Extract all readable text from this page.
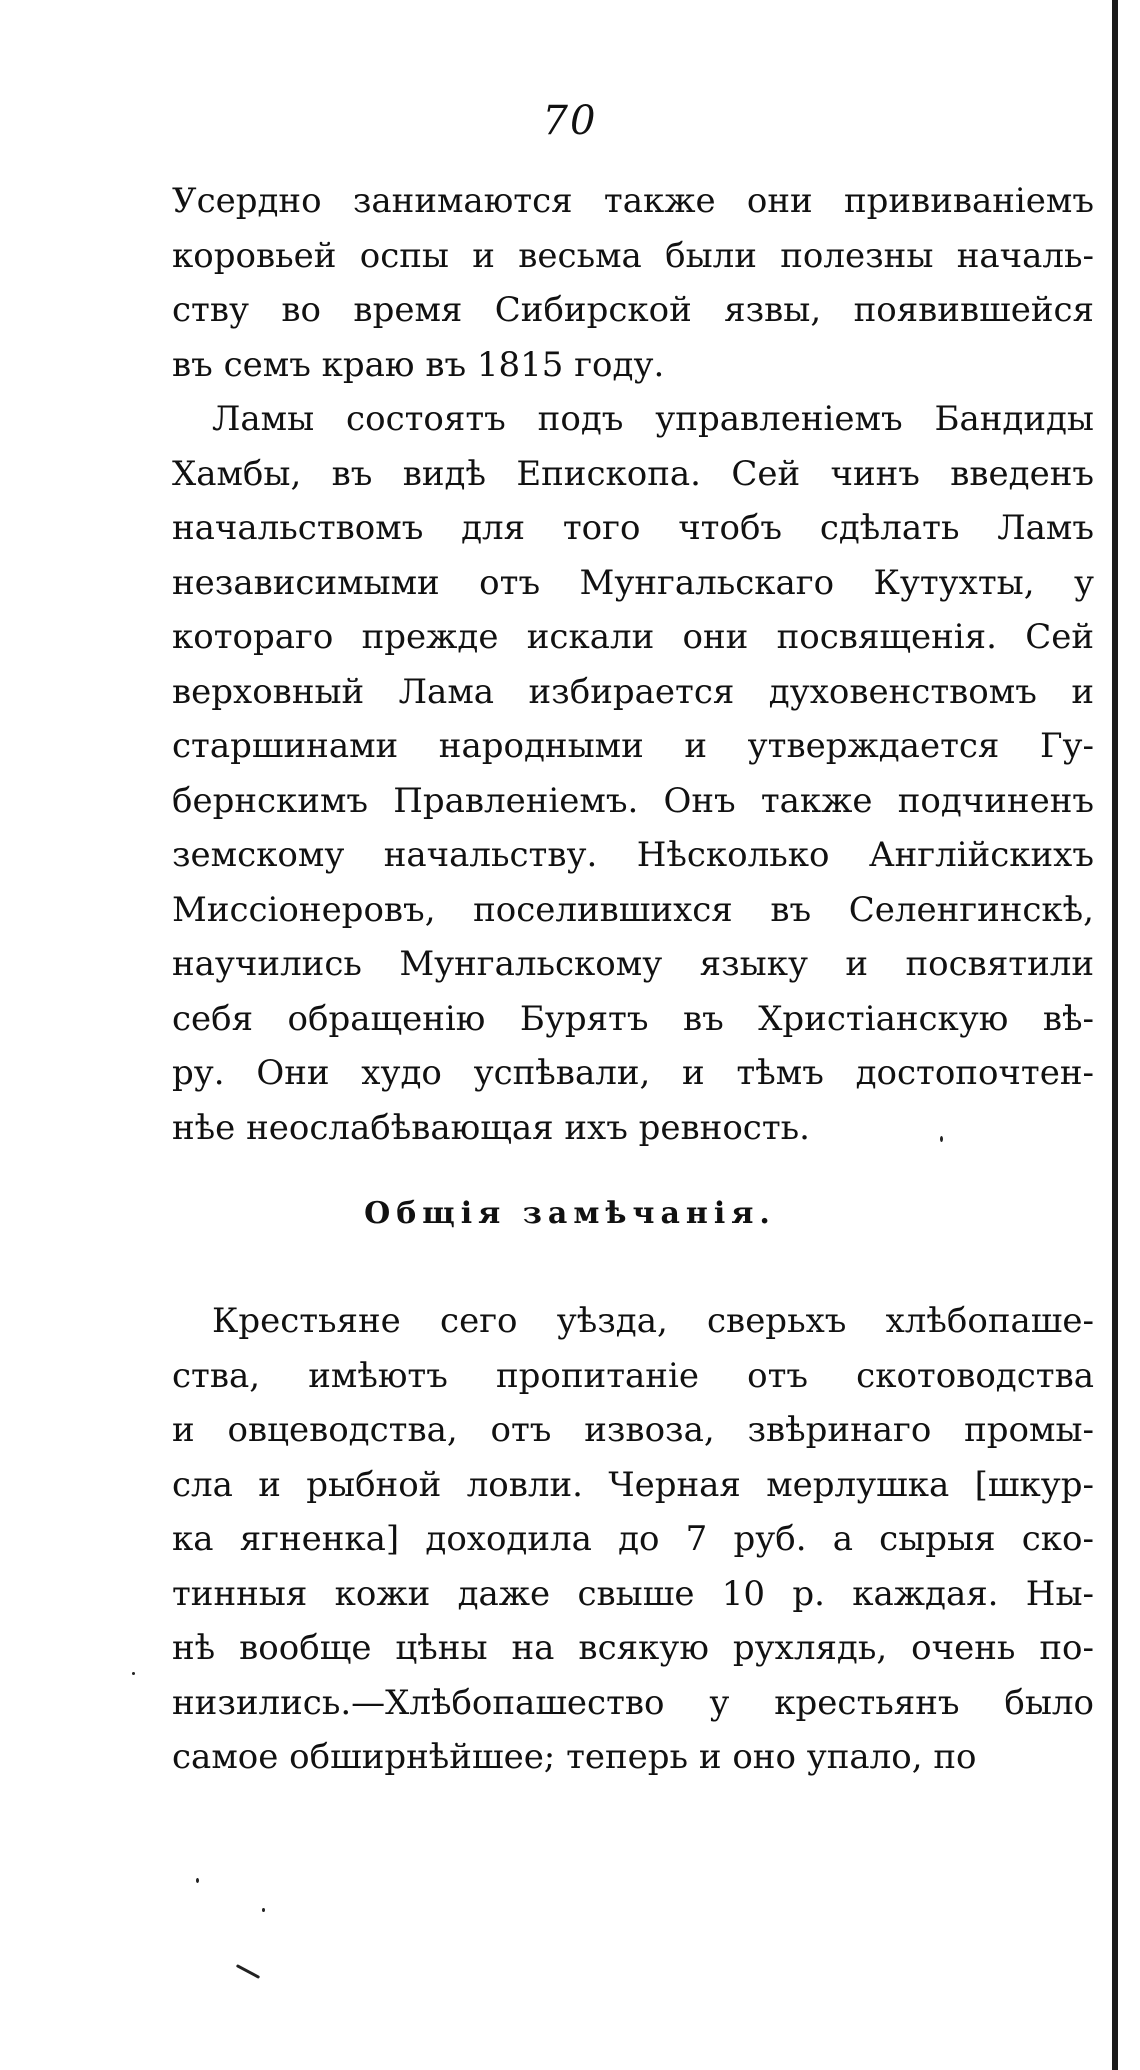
70
Усердно занимаются также они прививаніемъ
коровьей оспы и весьма были полезны началь-
ству во время Сибирской язвы, появившейся
въ семъ краю въ 1815 году.
Ламы состоятъ подъ управленіемъ Бандиды
Хамбы, въ видѣ Епископа. Сей чинъ введенъ
начальствомъ для того чтобъ сдѣлать Ламъ
независимыми отъ Мунгальскаго Кутухты, у
котораго прежде искали они посвященія. Сей
верховный Лама избирается духовенствомъ и
старшинами народными и утверждается Гу-
бернскимъ Правленіемъ. Онъ также подчиненъ
земскому начальству. Нѣсколько Англійскихъ
Миссіонеровъ, поселившихся въ Селенгинскѣ,
научились Мунгальскому языку и посвятили
себя обращенію Бурятъ въ Христіанскую вѣ-
ру. Они худо успѣвали, и тѣмъ достопочтен-
нѣе неослабѣвающая ихъ ревность.
Общія замѣчанія.
Крестьяне сего уѣзда, сверьхъ хлѣбопаше-
ства, имѣютъ пропитаніе отъ скотоводства
и овцеводства, отъ извоза, звѣринаго промы-
сла и рыбной ловли. Черная мерлушка [шкур-
ка ягненка] доходила до 7 руб. а сырыя ско-
тинныя кожи даже свыше 10 р. каждая. Ны-
нѣ вообще цѣны на всякую рухлядь, очень по-
низились.—Хлѣбопашество у крестьянъ было
самое обширнѣйшее; теперь и оно упало, по
